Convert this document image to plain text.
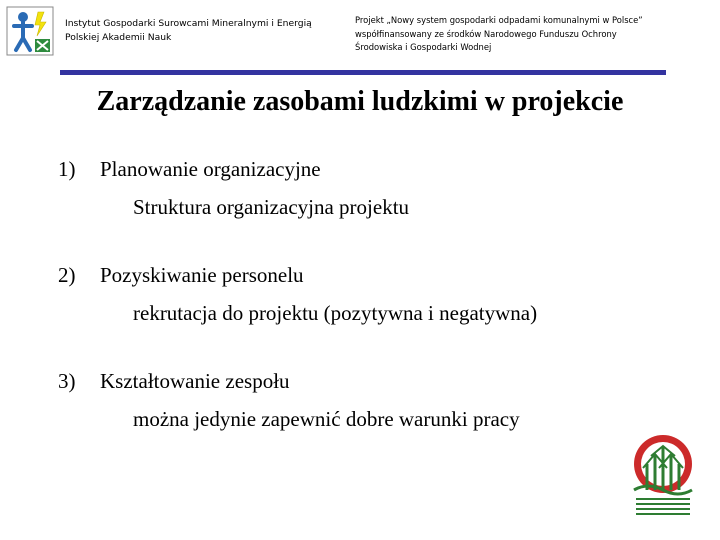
Instytut Gospodarki Surowcami Mineralnymi i Energią
Polskiej Akademii Nauk
Projekt „Nowy system gospodarki odpadami komunalnymi w Polsce”
współfinansowany ze środków Narodowego Funduszu Ochrony
Środowiska i Gospodarki Wodnej
Zarządzanie zasobami ludzkimi w projekcie
1) Planowanie organizacyjne
Struktura organizacyjna projektu
2) Pozyskiwanie personelu
rekrutacja do projektu (pozytywna i negatywna)
3) Kształtowanie zespołu
można jedynie zapewnić dobre warunki pracy
